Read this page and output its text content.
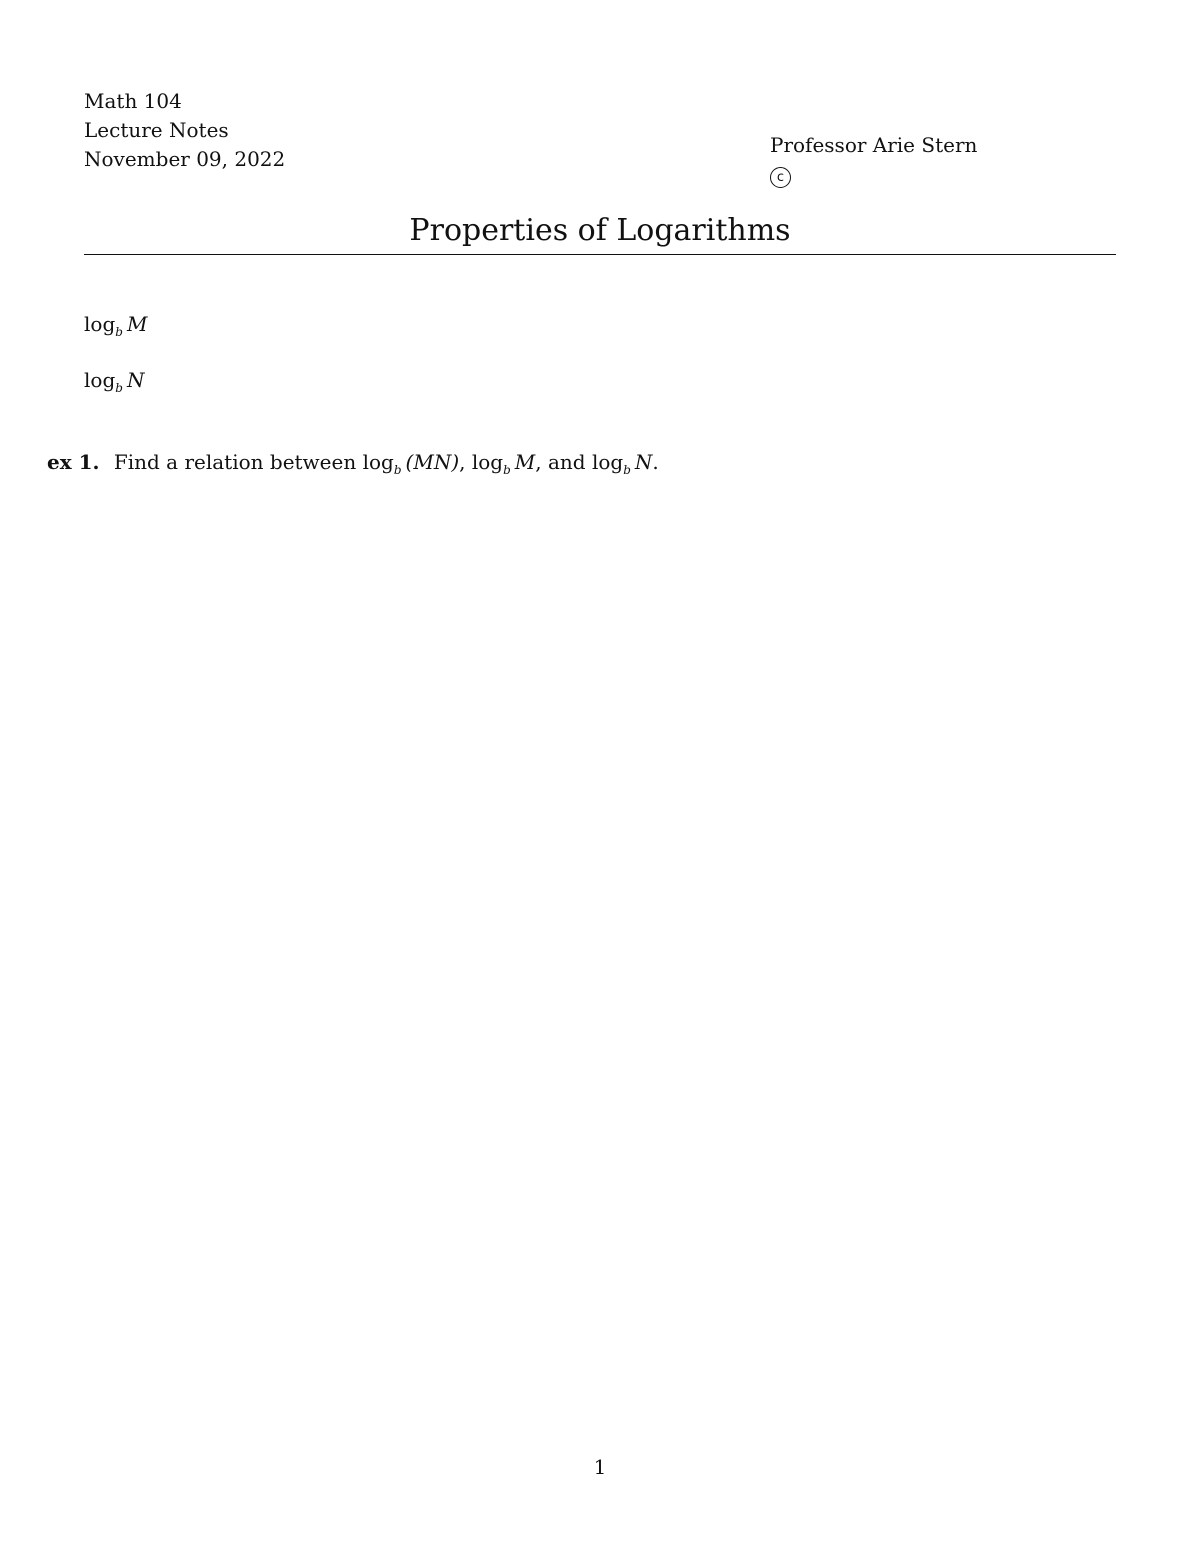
Math 104
Lecture Notes
November 09, 2022
Professor Arie Stern
c
Properties of Logarithms
$\log_b M$
$\log_b N$
ex 1. Find a relation between $\log_b (MN)$, $\log_b M$, and $\log_b N$.
1
